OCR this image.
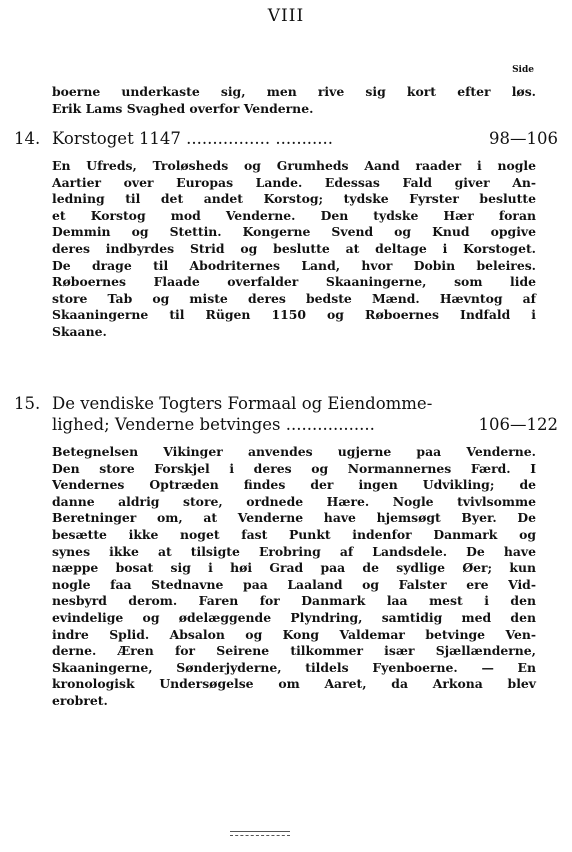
VIII
Side
boerne underkaste sig, men rive sig kort efter løs.
Erik Lams Svaghed overfor Venderne.
14. Korstoget 1147 ................ ...........	98—106
En Ufreds, Troløsheds og Grumheds Aand raader i nogle
Aartier over Europas Lande. Edessas Fald giver An-
ledning til det andet Korstog; tydske Fyrster beslutte
et Korstog mod Venderne. Den tydske Hær foran
Demmin og Stettin. Kongerne Svend og Knud opgive
deres indbyrdes Strid og beslutte at deltage i Korstoget.
De drage til Abodriternes Land, hvor Dobin beleires.
Røboernes Flaade overfalder Skaaningerne, som lide
store Tab og miste deres bedste Mænd. Hævntog af
Skaaningerne til Rügen 1150 og Røboernes Indfald i
Skaane.
15. De vendiske Togters Formaal og Eiendomme-
lighed; Venderne betvinges .................	106—122
Betegnelsen Vikinger anvendes ugjerne paa Venderne.
Den store Forskjel i deres og Normannernes Færd. I
Vendernes Optræden findes der ingen Udvikling; de
danne aldrig store, ordnede Hære. Nogle tvivlsomme
Beretninger om, at Venderne have hjemsøgt Byer. De
besætte ikke noget fast Punkt indenfor Danmark og
synes ikke at tilsigte Erobring af Landsdele. De have
næppe bosat sig i høi Grad paa de sydlige Øer; kun
nogle faa Stednavne paa Laaland og Falster ere Vid-
nesbyrd derom. Faren for Danmark laa mest i den
evindelige og ødelæggende Plyndring, samtidig med den
indre Splid. Absalon og Kong Valdemar betvinge Ven-
derne. Æren for Seirene tilkommer især Sjællænderne,
Skaaningerne, Sønderjyderne, tildels Fyenboerne. — En
kronologisk Undersøgelse om Aaret, da Arkona blev
erobret.
